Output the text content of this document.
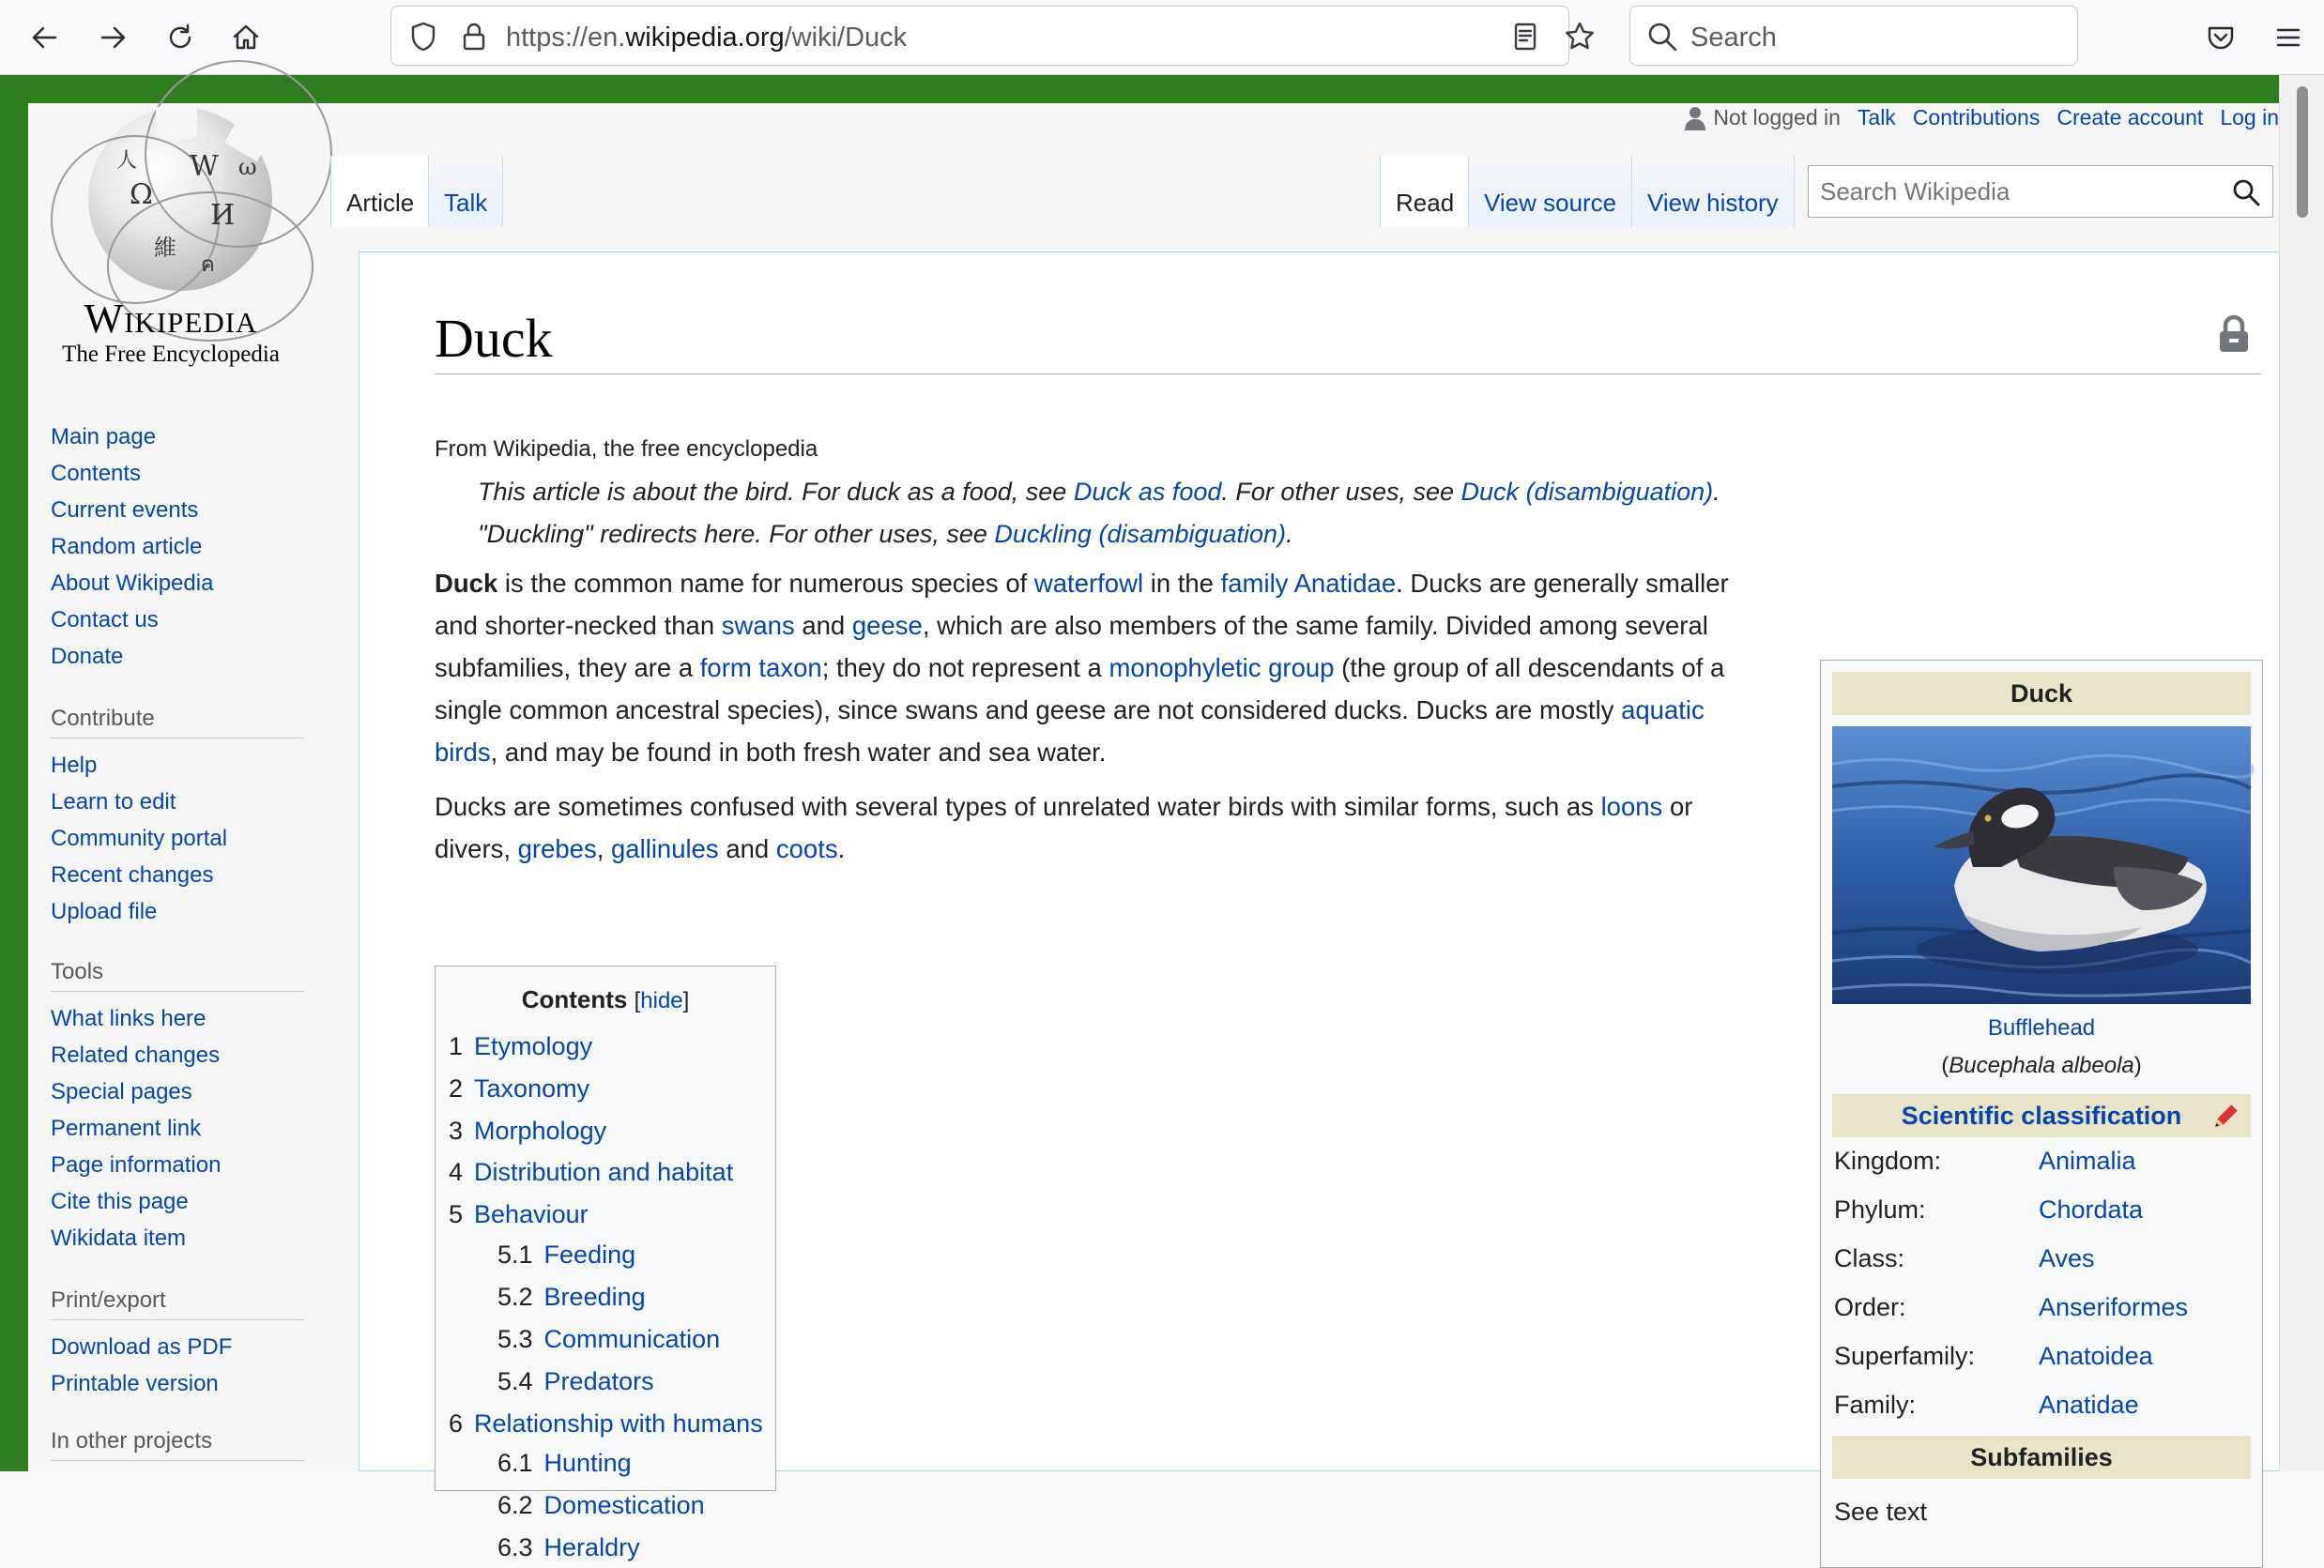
https://en.wikipedia.org/wiki/Duck	Search
Ω
W
И
維
ω
人
ค
Wikipedia
The Free Encyclopedia
Main page
Contents
Current events
Random article
About Wikipedia
Contact us
Donate
Contribute
Help
Learn to edit
Community portal
Recent changes
Upload file
Tools
What links here
Related changes
Special pages
Permanent link
Page information
Cite this page
Wikidata item
Print/export
Download as PDF
Printable version
In other projects
Not logged in Talk Contributions Create account Log in
Article	Talk	Read	View source	View history	Search Wikipedia
Duck
From Wikipedia, the free encyclopedia
This article is about the bird. For duck as a food, see Duck as food. For other uses, see Duck (disambiguation).
"Duckling" redirects here. For other uses, see Duckling (disambiguation).
Duck is the common name for numerous species of waterfowl in the family Anatidae. Ducks are generally smaller and shorter-necked than swans and geese, which are also members of the same family. Divided among several subfamilies, they are a form taxon; they do not represent a monophyletic group (the group of all descendants of a single common ancestral species), since swans and geese are not considered ducks. Ducks are mostly aquatic birds, and may be found in both fresh water and sea water.
Ducks are sometimes confused with several types of unrelated water birds with similar forms, such as loons or divers, grebes, gallinules and coots.
Contents [hide]
1 Etymology
2 Taxonomy
3 Morphology
4 Distribution and habitat
5 Behaviour
5.1 Feeding
5.2 Breeding
5.3 Communication
5.4 Predators
6 Relationship with humans
6.1 Hunting
6.2 Domestication
6.3 Heraldry
Duck
Bufflehead
(Bucephala albeola)
Scientific classification
Kingdom:	Animalia
Phylum:	Chordata
Class:	Aves
Order:	Anseriformes
Superfamily:	Anatoidea
Family:	Anatidae
Subfamilies
See text
